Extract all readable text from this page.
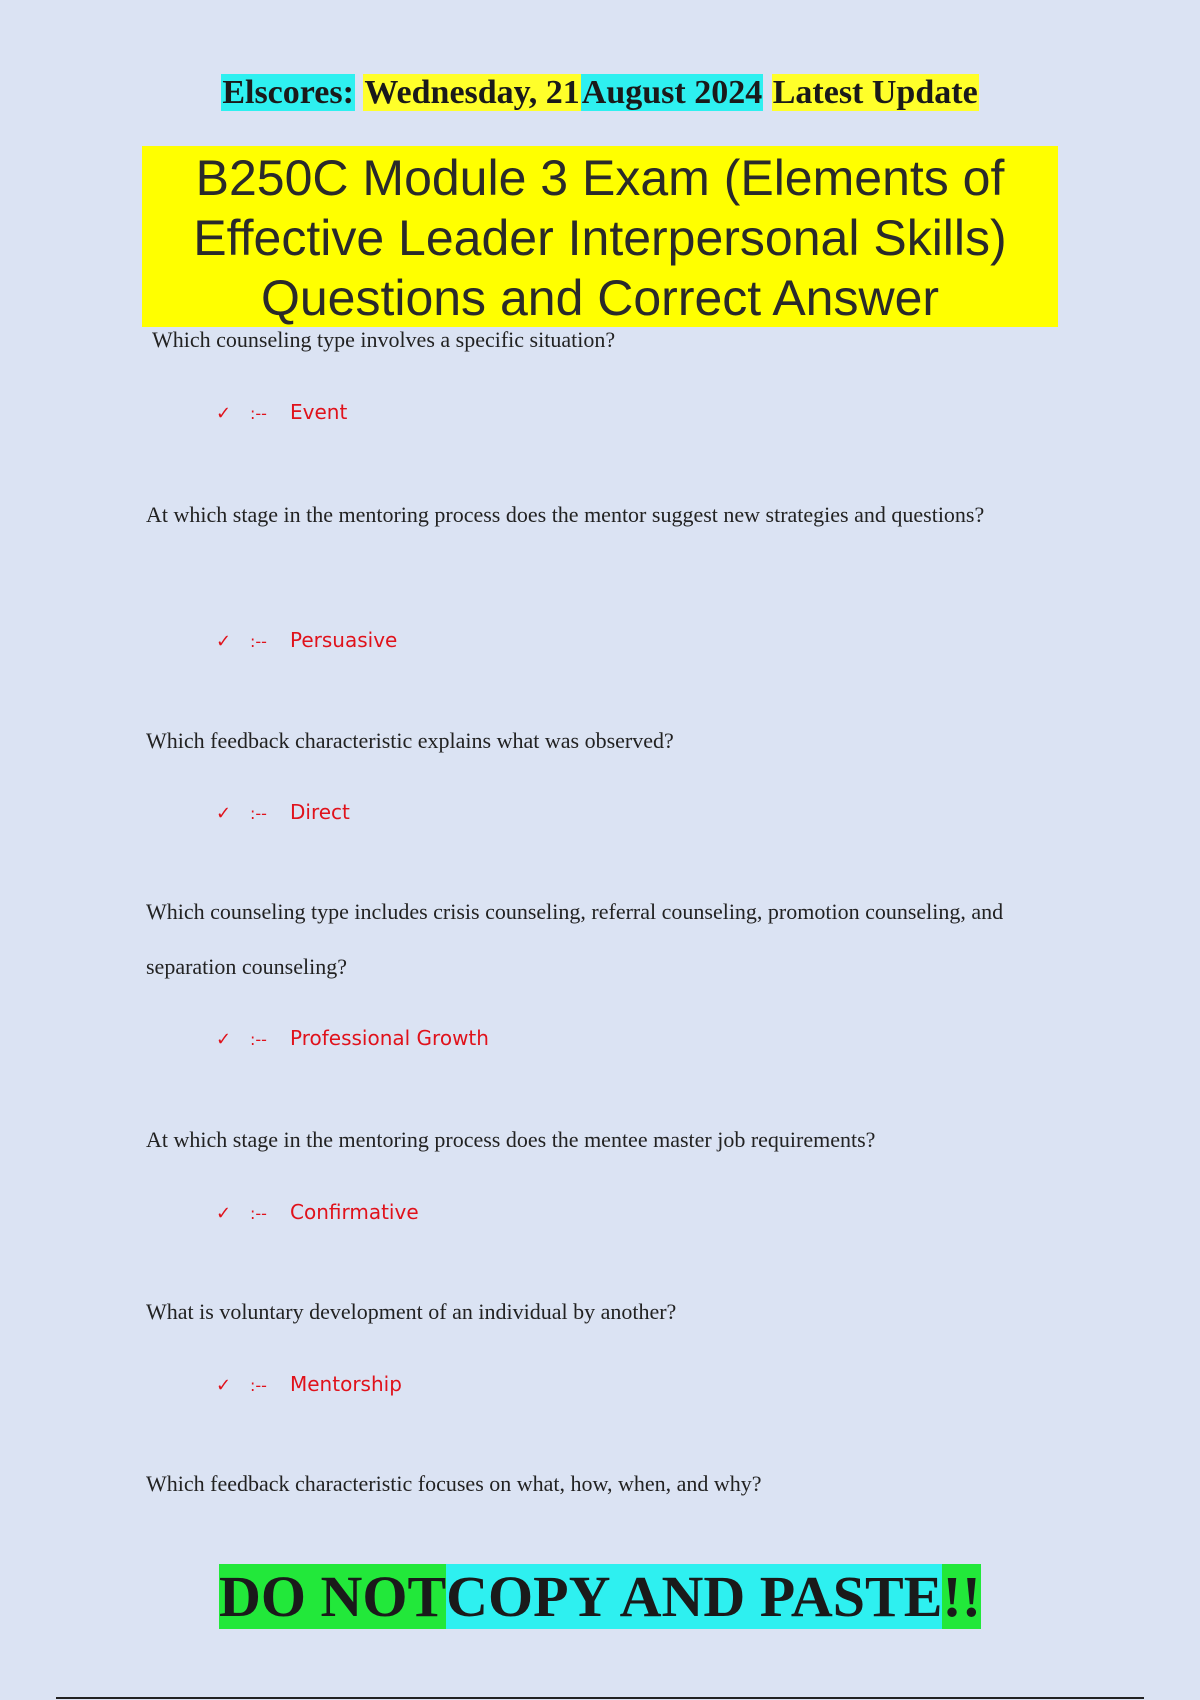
Elscores: Wednesday, 21August 2024 Latest Update
B250C Module 3 Exam (Elements of
Effective Leader Interpersonal Skills)
Questions and Correct Answer
Which counseling type involves a specific situation?
✓ :-- Event
At which stage in the mentoring process does the mentor suggest new strategies and questions?
✓ :-- Persuasive
Which feedback characteristic explains what was observed?
✓ :-- Direct
Which counseling type includes crisis counseling, referral counseling, promotion counseling, and separation counseling?
✓ :-- Professional Growth
At which stage in the mentoring process does the mentee master job requirements?
✓ :-- Confirmative
What is voluntary development of an individual by another?
✓ :-- Mentorship
Which feedback characteristic focuses on what, how, when, and why?
DO NOTCOPY AND PASTE!!
